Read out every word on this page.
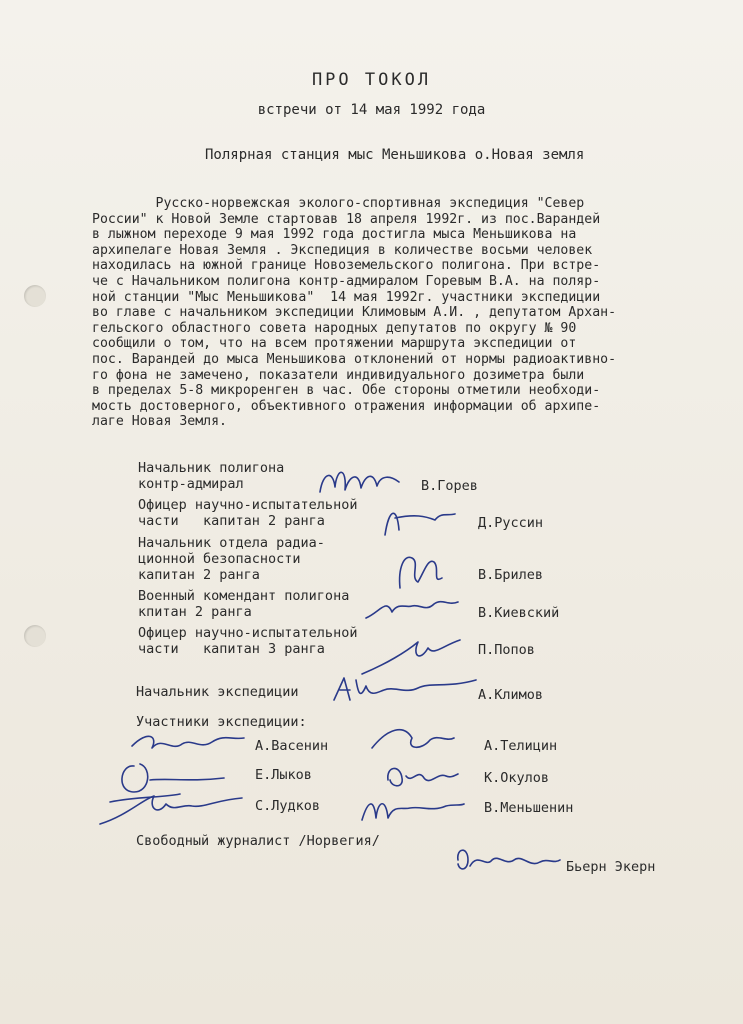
ПРО ТОКОЛ
встречи от 14 мая 1992 года
Полярная станция мыс Меньшикова о.Новая земля
Русско-норвежская эколого-спортивная экспедиция "Север
России" к Новой Земле стартовав 18 апреля 1992г. из пос.Варандей
в лыжном переходе 9 мая 1992 года достигла мыса Меньшикова на
архипелаге Новая Земля . Экспедиция в количестве восьми человек
находилась на южной границе Новоземельского полигона. При встре-
че с Начальником полигона контр-адмиралом Горевым В.А. на поляр-
ной станции "Мыс Меньшикова"  14 мая 1992г. участники экспедиции
во главе с начальником экспедиции Климовым А.И. , депутатом Архан-
гельского областного совета народных депутатов по округу № 90
сообщили о том, что на всем протяжении маршрута экспедиции от
пос. Варандей до мыса Меньшикова отклонений от нормы радиоактивно-
го фона не замечено, показатели индивидуального дозиметра были
в пределах 5-8 микроренген в час. Обе стороны отметили необходи-
мость достоверного, объективного отражения информации об архипе-
лаге Новая Земля.
Начальник полигона
контр-адмирал	В.Горев
Офицер научно-испытательной
части   капитан 2 ранга	Д.Руссин
Начальник отдела радиа-
ционной безопасности
капитан 2 ранга	В.Брилев
Военный комендант полигона
кпитан 2 ранга	В.Киевский
Офицер научно-испытательной
части   капитан 3 ранга	П.Попов
Начальник экспедиции	А.Климов
Участники экспедиции:
А.Васенин	А.Телицин
Е.Лыков	К.Окулов
С.Лудков	В.Меньшенин
Свободный журналист /Норвегия/
Бьерн Экерн
